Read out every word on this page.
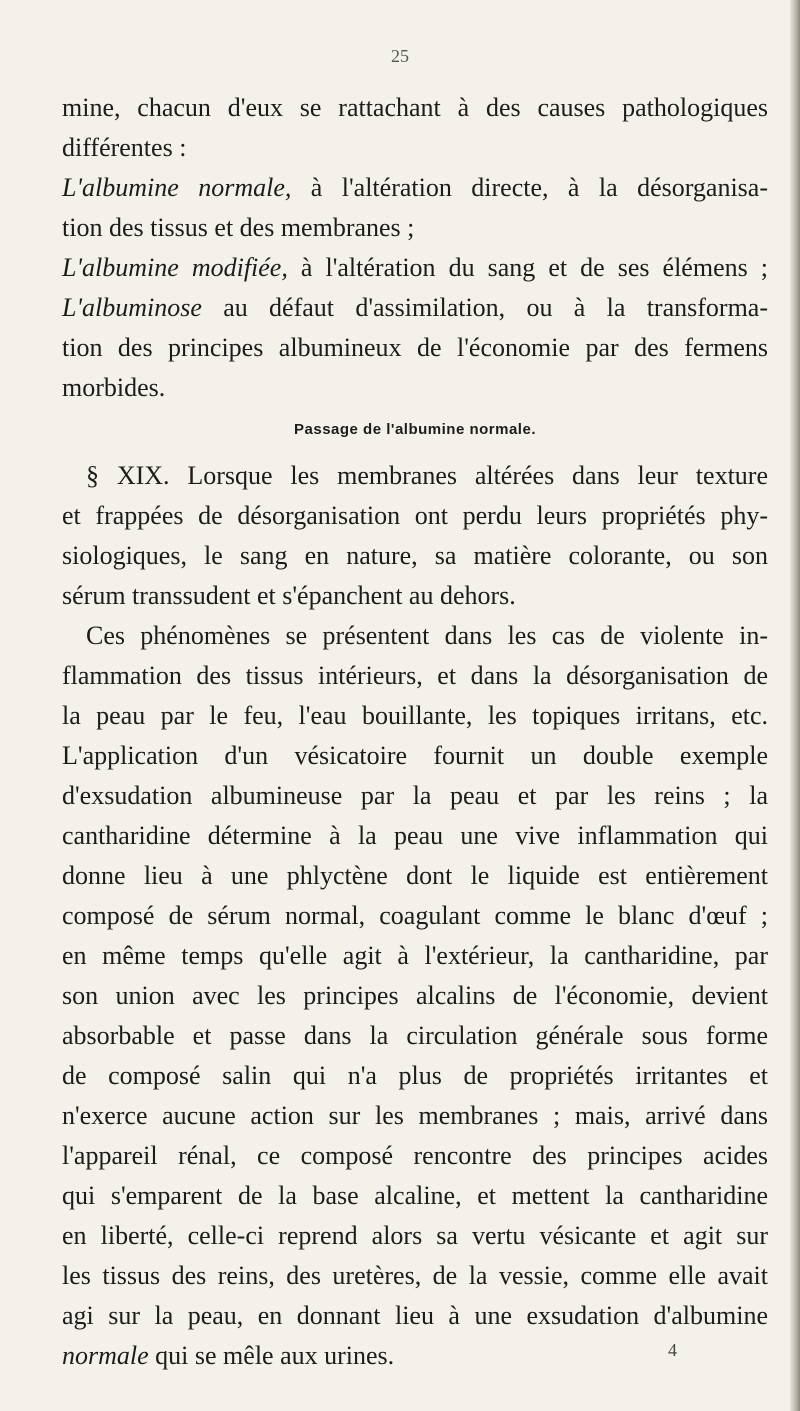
25
mine, chacun d'eux se rattachant à des causes pathologiques
différentes :
L'albumine normale, à l'altération directe, à la désorganisa-
tion des tissus et des membranes ;
L'albumine modifiée, à l'altération du sang et de ses élémens ;
L'albuminose au défaut d'assimilation, ou à la transforma-
tion des principes albumineux de l'économie par des fermens
morbides.
Passage de l'albumine normale.
§ XIX. Lorsque les membranes altérées dans leur texture
et frappées de désorganisation ont perdu leurs propriétés phy-
siologiques, le sang en nature, sa matière colorante, ou son
sérum transsudent et s'épanchent au dehors.
Ces phénomènes se présentent dans les cas de violente in-
flammation des tissus intérieurs, et dans la désorganisation de
la peau par le feu, l'eau bouillante, les topiques irritans, etc.
L'application d'un vésicatoire fournit un double exemple
d'exsudation albumineuse par la peau et par les reins ; la
cantharidine détermine à la peau une vive inflammation qui
donne lieu à une phlyctène dont le liquide est entièrement
composé de sérum normal, coagulant comme le blanc d'œuf ;
en même temps qu'elle agit à l'extérieur, la cantharidine, par
son union avec les principes alcalins de l'économie, devient
absorbable et passe dans la circulation générale sous forme
de composé salin qui n'a plus de propriétés irritantes et
n'exerce aucune action sur les membranes ; mais, arrivé dans
l'appareil rénal, ce composé rencontre des principes acides
qui s'emparent de la base alcaline, et mettent la cantharidine
en liberté, celle-ci reprend alors sa vertu vésicante et agit sur
les tissus des reins, des uretères, de la vessie, comme elle avait
agi sur la peau, en donnant lieu à une exsudation d'albumine
normale qui se mêle aux urines.	4
